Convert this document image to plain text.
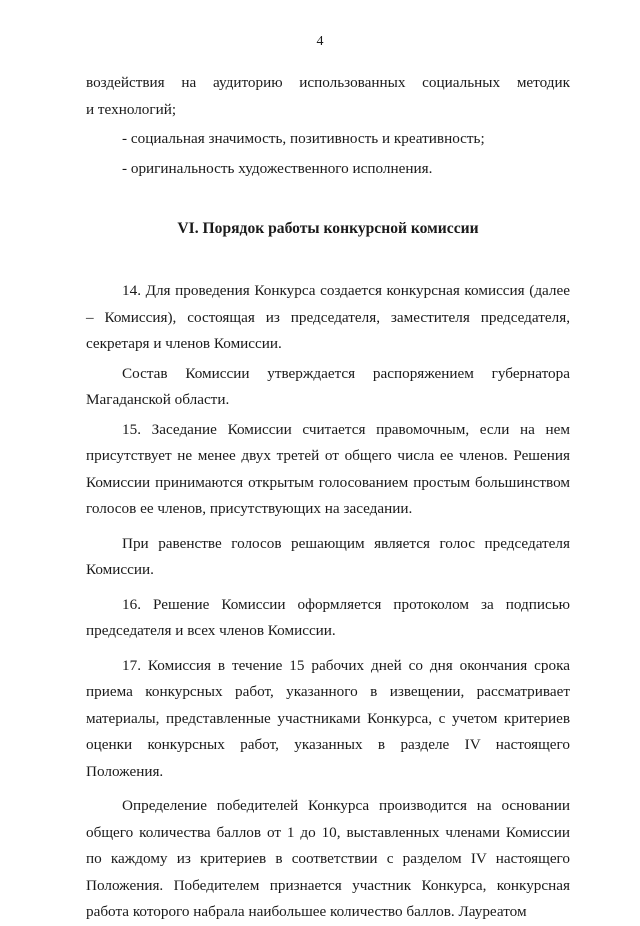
4

воздействия на аудиторию использованных социальных методик

и технологий;

- социальная значимость, позитивность и креативность;

- оригинальность художественного исполнения.

VI. Порядок работы конкурсной комиссии

14. Для проведения Конкурса создается конкурсная комиссия (далее – Комиссия), состоящая из председателя, заместителя председателя, секретаря и членов Комиссии.

Состав Комиссии утверждается распоряжением губернатора Магаданской области.

15. Заседание Комиссии считается правомочным, если на нем присутствует не менее двух третей от общего числа ее членов. Решения Комиссии принимаются открытым голосованием простым большинством голосов ее членов, присутствующих на заседании.

При равенстве голосов решающим является голос председателя Комиссии.

16. Решение Комиссии оформляется протоколом за подписью председателя и всех членов Комиссии.

17. Комиссия в течение 15 рабочих дней со дня окончания срока приема конкурсных работ, указанного в извещении, рассматривает материалы, представленные участниками Конкурса, с учетом критериев оценки конкурсных работ, указанных в разделе IV настоящего Положения.

Определение победителей Конкурса производится на основании общего количества баллов от 1 до 10, выставленных членами Комиссии по каждому из критериев в соответствии с разделом IV настоящего Положения. Победителем признается участник Конкурса, конкурсная работа которого набрала наибольшее количество баллов. Лауреатом
